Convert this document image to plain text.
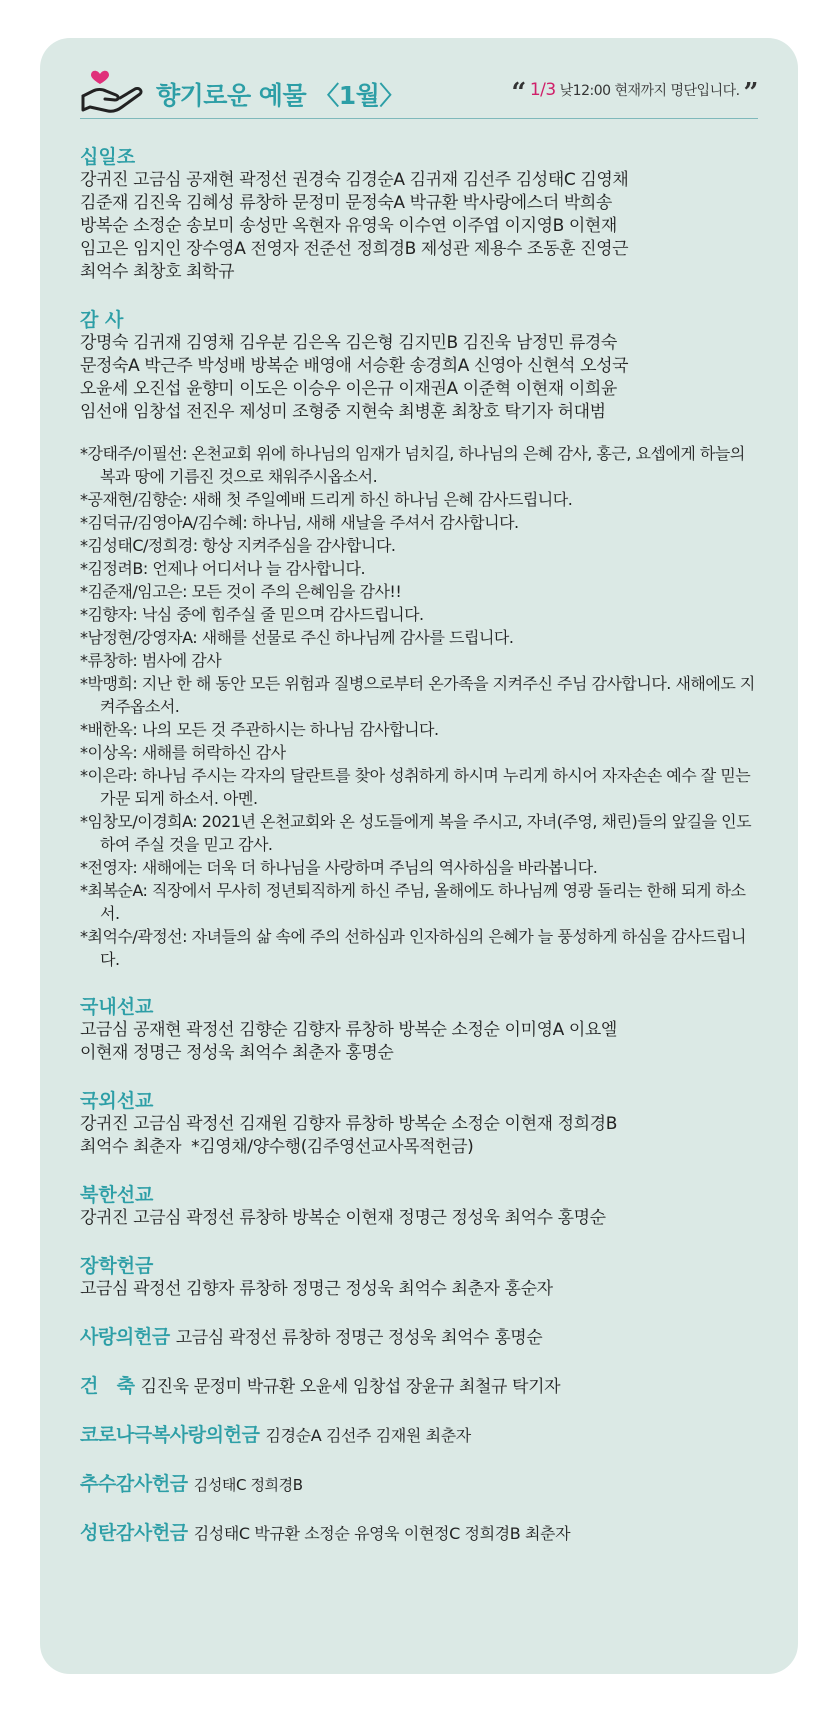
향기로운 예물 〈1월〉	“ 1/3 낮12:00 현재까지 명단입니다. ”
십일조
강귀진 고금심 공재현 곽정선 권경숙 김경순A 김귀재 김선주 김성태C 김영채
김준재 김진욱 김혜성 류창하 문정미 문정숙A 박규환 박사랑에스더 박희송
방복순 소정순 송보미 송성만 옥현자 유영욱 이수연 이주엽 이지영B 이현재
임고은 임지인 장수영A 전영자 전준선 정희경B 제성관 제용수 조동훈 진영근
최억수 최창호 최학규
감 사
강명숙 김귀재 김영채 김우분 김은옥 김은형 김지민B 김진욱 남정민 류경숙
문정숙A 박근주 박성배 방복순 배영애 서승환 송경희A 신영아 신현석 오성국
오윤세 오진섭 윤향미 이도은 이승우 이은규 이재권A 이준혁 이현재 이희윤
임선애 임창섭 전진우 제성미 조형중 지현숙 최병훈 최창호 탁기자 허대범
*강태주/이필선: 온천교회 위에 하나님의 임재가 넘치길, 하나님의 은혜 감사, 홍근, 요셉에게 하늘의 복과 땅에 기름진 것으로 채워주시옵소서.
*공재현/김향순: 새해 첫 주일예배 드리게 하신 하나님 은혜 감사드립니다.
*김덕규/김영아A/김수혜: 하나님, 새해 새날을 주셔서 감사합니다.
*김성태C/정희경: 항상 지켜주심을 감사합니다.
*김정려B: 언제나 어디서나 늘 감사합니다.
*김준재/임고은: 모든 것이 주의 은혜임을 감사!!
*김향자: 낙심 중에 힘주실 줄 믿으며 감사드립니다.
*남정현/강영자A: 새해를 선물로 주신 하나님께 감사를 드립니다.
*류창하: 범사에 감사
*박맹희: 지난 한 해 동안 모든 위험과 질병으로부터 온가족을 지켜주신 주님 감사합니다. 새해에도 지켜주옵소서.
*배한옥: 나의 모든 것 주관하시는 하나님 감사합니다.
*이상옥: 새해를 허락하신 감사
*이은라: 하나님 주시는 각자의 달란트를 찾아 성취하게 하시며 누리게 하시어 자자손손 예수 잘 믿는 가문 되게 하소서. 아멘.
*임창모/이경희A: 2021년 온천교회와 온 성도들에게 복을 주시고, 자녀(주영, 채린)들의 앞길을 인도하여 주실 것을 믿고 감사.
*전영자: 새해에는 더욱 더 하나님을 사랑하며 주님의 역사하심을 바라봅니다.
*최복순A: 직장에서 무사히 정년퇴직하게 하신 주님, 올해에도 하나님께 영광 돌리는 한해 되게 하소서.
*최억수/곽정선: 자녀들의 삶 속에 주의 선하심과 인자하심의 은혜가 늘 풍성하게 하심을 감사드립니다.
국내선교
고금심 공재현 곽정선 김향순 김향자 류창하 방복순 소정순 이미영A 이요엘
이현재 정명근 정성욱 최억수 최춘자 홍명순
국외선교
강귀진 고금심 곽정선 김재원 김향자 류창하 방복순 소정순 이현재 정희경B
최억수 최춘자  *김영채/양수행(김주영선교사목적헌금)
북한선교
강귀진 고금심 곽정선 류창하 방복순 이현재 정명근 정성욱 최억수 홍명순
장학헌금
고금심 곽정선 김향자 류창하 정명근 정성욱 최억수 최춘자 홍순자
사랑의헌금 고금심 곽정선 류창하 정명근 정성욱 최억수 홍명순
건   축 김진욱 문정미 박규환 오윤세 임창섭 장윤규 최철규 탁기자
코로나극복사랑의헌금 김경순A 김선주 김재원 최춘자
추수감사헌금 김성태C 정희경B
성탄감사헌금 김성태C 박규환 소정순 유영욱 이현정C 정희경B 최춘자
